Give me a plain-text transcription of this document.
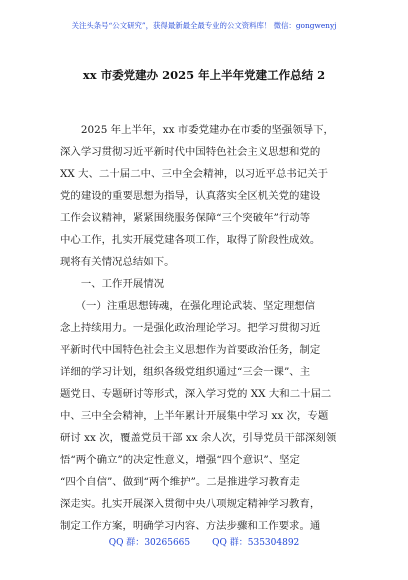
关注头条号“公文研究”，获得最新最全最专业的公文资料库！ 微信：gongwenyj
xx 市委党建办 2025 年上半年党建工作总结 2
　　2025 年上半年，xx 市委党建办在市委的坚强领导下，
深入学习贯彻习近平新时代中国特色社会主义思想和党的
XX 大、二十届二中、三中全会精神，以习近平总书记关于
党的建设的重要思想为指导，认真落实全区机关党的建设
工作会议精神，紧紧围绕服务保障“三个突破年”行动等
中心工作，扎实开展党建各项工作，取得了阶段性成效。
现将有关情况总结如下。
　　一、工作开展情况
　　（一）注重思想铸魂，在强化理论武装、坚定理想信
念上持续用力。一是强化政治理论学习。把学习贯彻习近
平新时代中国特色社会主义思想作为首要政治任务，制定
详细的学习计划，组织各级党组织通过“三会一课”、主
题党日、专题研讨等形式，深入学习党的 XX 大和二十届二
中、三中全会精神，上半年累计开展集中学习 xx 次，专题
研讨 xx 次，覆盖党员干部 xx 余人次，引导党员干部深刻领
悟“两个确立”的决定性意义，增强“四个意识”、坚定
“四个自信”、做到“两个维护”。二是推进学习教育走
深走实。扎实开展深入贯彻中央八项规定精神学习教育，
制定工作方案，明确学习内容、方法步骤和工作要求。通
QQ 群：30265665 QQ 群：535304892
